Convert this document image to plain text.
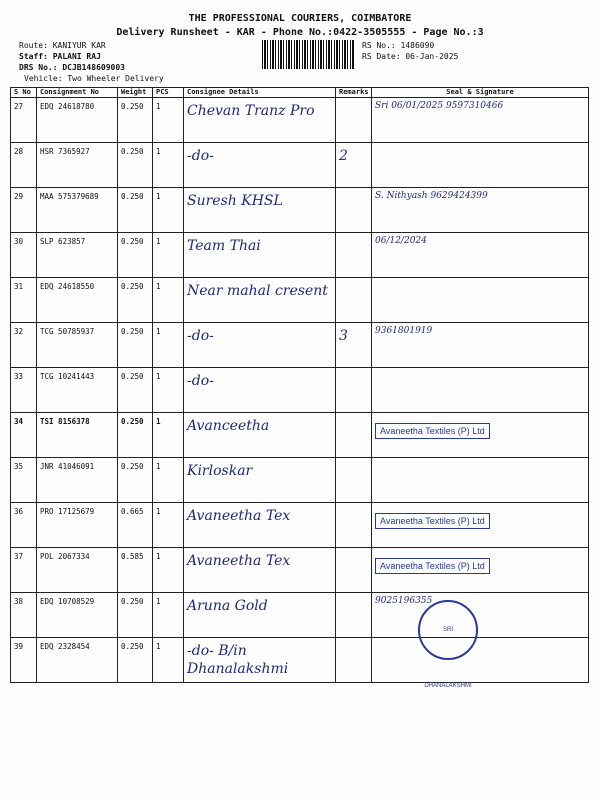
THE PROFESSIONAL COURIERS, COIMBATORE
Delivery Runsheet - KAR - Phone No.:0422-3505555 - Page No.:3
Route: KANIYUR KAR
Staff: PALANI RAJ
DRS No.: DCJB148609003
Vehicle: Two Wheeler Delivery
RS No.: 1486090
RS Date: 06-Jan-2025
S No	Consignment No	Weight	PCS	Consignee Details	Remarks	Seal & Signature
27	EDQ 24618780	0.250	1	Chevan Tranz Pro		Sri 06/01/2025 9597310466
28	HSR 7365927	0.250	1	-do-	2	
29	MAA 575379689	0.250	1	Suresh KHSL		S. Nithyash 9629424399
30	SLP 623857	0.250	1	Team Thai		06/12/2024
31	EDQ 24618550	0.250	1	Near mahal cresent		
32	TCG 50785937	0.250	1	-do-	3	9361801919
33	TCG 10241443	0.250	1	-do-		
34	TSI 8156378	0.250	1	Avanceetha		Avaneetha Textiles (P) Ltd
35	JNR 41046091	0.250	1	Kirloskar		
36	PRO 17125679	0.665	1	Avaneetha Tex		Avaneetha Textiles (P) Ltd
37	POL 2067334	0.585	1	Avaneetha Tex		Avaneetha Textiles (P) Ltd
38	EDQ 10708529	0.250	1	Aruna Gold		9025196355
39	EDQ 2328454	0.250	1	-do- B/in Dhanalakshmi		
SRI DHANALAKSHMI
